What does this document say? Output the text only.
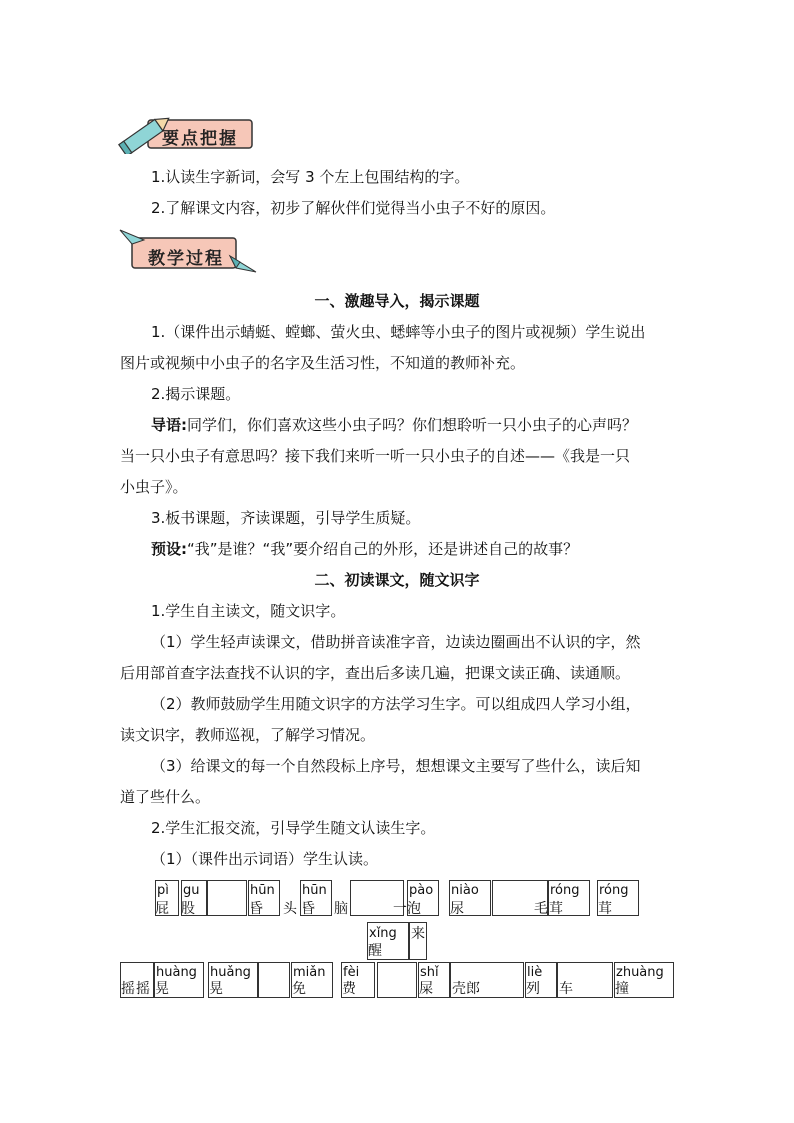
要点把握
1.认读生字新词，会写 3 个左上包围结构的字。
2.了解课文内容，初步了解伙伴们觉得当小虫子不好的原因。
教学过程
一、激趣导入，揭示课题
1.（课件出示蜻蜓、螳螂、萤火虫、蟋蟀等小虫子的图片或视频）学生说出
图片或视频中小虫子的名字及生活习性，不知道的教师补充。
2.揭示课题。
导语:同学们，你们喜欢这些小虫子吗？你们想聆听一只小虫子的心声吗？
当一只小虫子有意思吗？接下我们来听一听一只小虫子的自述——《我是一只
小虫子》。
3.板书课题，齐读课题，引导学生质疑。
预设:“我”是谁？“我”要介绍自己的外形，还是讲述自己的故事？
二、初读课文，随文识字
1.学生自主读文，随文识字。
（1）学生轻声读课文，借助拼音读准字音，边读边圈画出不认识的字，然
后用部首查字法查找不认识的字，查出后多读几遍，把课文读正确、读通顺。
（2）教师鼓励学生用随文识字的方法学习生字。可以组成四人学习小组，
读文识字，教师巡视，了解学习情况。
（3）给课文的每一个自然段标上序号，想想课文主要写了些什么，读后知
道了些什么。
2.学生汇报交流，引导学生随文认读生字。
（1）（课件出示词语）学生认读。
pì
屁
gu
股
hūn
昏 头
hūn
昏 脑	一
pào
泡
niào
尿	毛
róng
茸
róng
茸
xǐng
醒
来
摇 摇
huàng
晃
huǎng
晃
miǎn
免
fèi
费
shǐ
屎 壳郎
liè
列 车
zhuàng
撞
